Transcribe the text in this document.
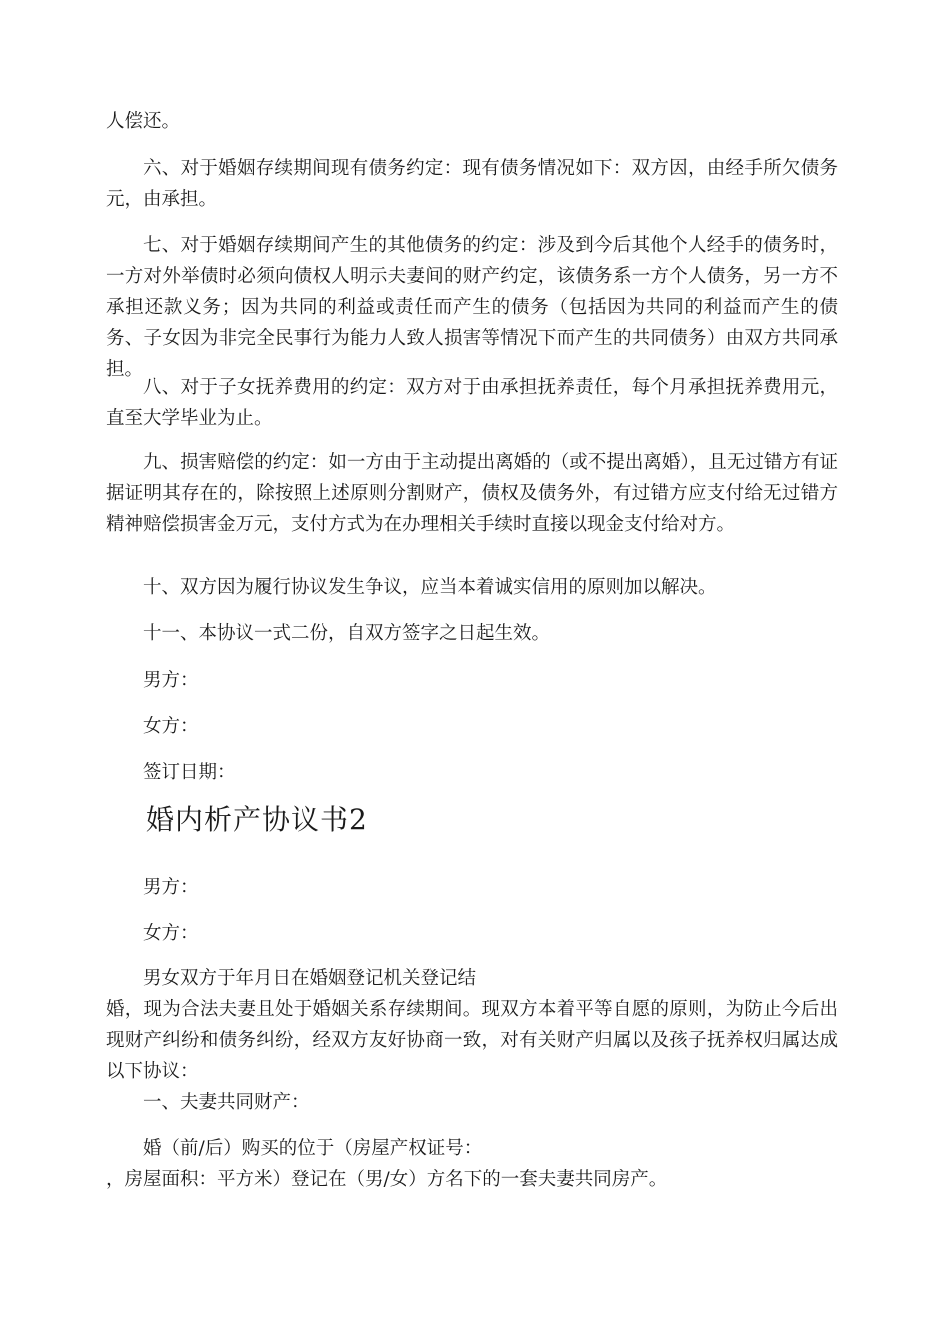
人偿还。

六、对于婚姻存续期间现有债务约定：现有债务情况如下：双方因，由经手所欠债务元，由承担。

七、对于婚姻存续期间产生的其他债务的约定：涉及到今后其他个人经手的债务时，一方对外举债时必须向债权人明示夫妻间的财产约定，该债务系一方个人债务，另一方不承担还款义务；因为共同的利益或责任而产生的债务（包括因为共同的利益而产生的债务、子女因为非完全民事行为能力人致人损害等情况下而产生的共同债务）由双方共同承担。

八、对于子女抚养费用的约定：双方对于由承担抚养责任，每个月承担抚养费用元，直至大学毕业为止。

九、损害赔偿的约定：如一方由于主动提出离婚的（或不提出离婚），且无过错方有证据证明其存在的，除按照上述原则分割财产，债权及债务外，有过错方应支付给无过错方精神赔偿损害金万元，支付方式为在办理相关手续时直接以现金支付给对方。

十、双方因为履行协议发生争议，应当本着诚实信用的原则加以解决。

十一、本协议一式二份，自双方签字之日起生效。

男方：

女方：

签订日期：

婚内析产协议书2

男方：

女方：

男女双方于年月日在婚姻登记机关登记结

婚，现为合法夫妻且处于婚姻关系存续期间。现双方本着平等自愿的原则，为防止今后出现财产纠纷和债务纠纷，经双方友好协商一致，对有关财产归属以及孩子抚养权归属达成以下协议：

一、夫妻共同财产：

婚（前/后）购买的位于（房屋产权证号：

，房屋面积：平方米）登记在（男/女）方名下的一套夫妻共同房产。
